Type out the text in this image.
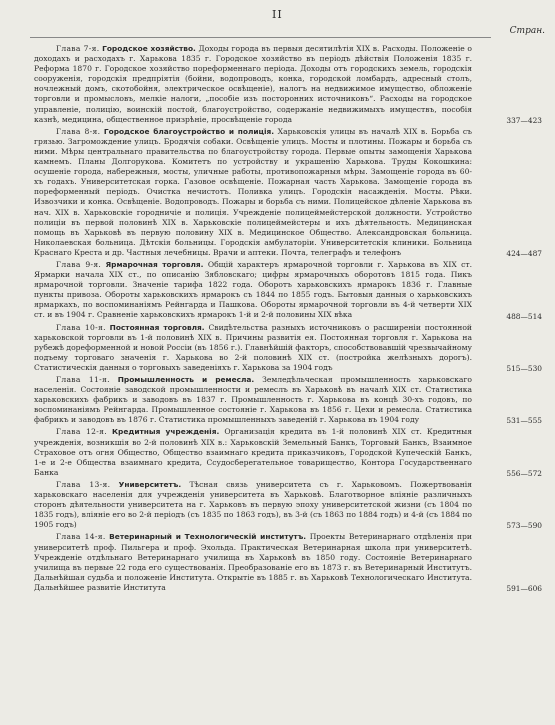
II
Стран.
Глава 7-я. Городское хозяйство. Доходы города въ первыя десятилѣтія XIX в. Расходы. Положеніе о доходахъ и расходахъ г. Харькова 1835 г. Городское хозяйство въ періодъ дѣйствія Положенія 1835 г. Реформа 1870 г. Городское хозяйство пореформеннаго періода. Доходы отъ городскихъ земель, городскія сооруженія, городскія предпріятія (бойни, водопроводъ, конка, городской ломбардъ, адресный столъ, ночлежный домъ, скотобойня, электрическое освѣщеніе), налогъ на недвижимое имущество, обложеніе торговли и промысловъ, мелкіе налоги, „пособіе изъ посторонних источниковъ“. Расходы на городское управленіе, полицію, воинскій постой, благоустройство, содержаніе недвижимыхъ имуществъ, пособія казнѣ, медицина, общественное призрѣніе, просвѣщеніе города	337—423
Глава 8-я. Городское благоустройство и полиція. Харьковскія улицы въ началѣ XIX в. Борьба съ грязью. Загромождение улицъ. Бродячія собаки. Освѣщеніе улицъ. Мосты и плотины. Пожары и борьба съ ними. Мѣры центральнаго правительства по благоустройству города. Первые опыты замощенія Харькова камнемъ. Планы Долгорукова. Комитетъ по устройству и украшенію Харькова. Труды Кокошкина: осушеніе города, набережныя, мосты, уличные работы, противопожарныя мѣры. Замощеніе города въ 60-хъ годахъ. Университетская горка. Газовое освѣщеніе. Пожарная часть Харькова. Замощеніе города въ пореформенный періодъ. Очистка нечистотъ. Поливка улицъ. Городскія насажденія. Мосты. Рѣки. Извозчики и конка. Освѣщеніе. Водопроводъ. Пожары и борьба съ ними. Полицейское дѣленіе Харькова въ нач. XIX в. Харьковскіе городничіе и полиція. Учрежденіе полицеймейстерской должности. Устройство полиціи въ первой половинѣ XIX в. Харьковскіе полицеймейстеры и ихъ дѣятельность. Медицинская помощь въ Харьковѣ въ первую половину XIX в. Медицинское Общество. Александровская больница. Николаевская больница. Дѣтскія больницы. Городскія амбулаторіи. Университетскія клиники. Больница Краснаго Креста и др. Частныя лечебницы. Врачи и аптеки. Почта, телеграфъ и телефонъ	424—487
Глава 9-я. Ярмарочная торговля. Общій характеръ ярмарочной торговли г. Харькова въ XIX ст. Ярмарки начала XIX ст., по описанію Зябловскаго; цифры ярмарочныхъ оборотовъ 1815 года. Пикъ ярмарочной торговли. Значеніе тарифа 1822 года. Оборотъ харьковскихъ ярмарокъ 1836 г. Главные пункты привоза. Обороты харьковскихъ ярмарокъ съ 1844 по 1855 годъ. Бытовыя данныя о харьковскихъ ярмаркахъ, по воспоминаніямъ Рейнгарда и Пашкова. Обороты ярмарочной торговли въ 4-й четверти XIX ст. и въ 1904 г. Сравненіе харьковскихъ ярмарокъ 1-й и 2-й половины XIX вѣка	488—514
Глава 10-я. Постоянная торговля. Свидѣтельства разныхъ источниковъ о расширеніи постоянной харьковской торговли въ 1-й половинѣ XIX в. Причины развитія ея. Постоянная торговля г. Харькова на рубежѣ дореформенной и новой Россіи (въ 1856 г.). Главнѣйшій факторъ, способствовавшій чрезвычайному подъему торговаго значенія г. Харькова во 2-й половинѣ XIX ст. (постройка желѣзныхъ дорогъ). Статистическія данныя о торговыхъ заведеніяхъ г. Харькова за 1904 годъ	515—530
Глава 11-я. Промышленность и ремесла. Земледѣльческая промышленность харьковскаго населенія. Состояніе заводской промышленности и ремеслъ въ Харьковѣ въ началѣ XIX ст. Статистика харьковскихъ фабрикъ и заводовъ въ 1837 г. Промышленность г. Харькова въ концѣ 30-хъ годовъ, по воспоминаніямъ Рейнгарда. Промышленное состояніе г. Харькова въ 1856 г. Цехи и ремесла. Статистика фабрикъ и заводовъ въ 1876 г. Статистика промышленныхъ заведеній г. Харькова въ 1904 году	531—555
Глава 12-я. Кредитныя учрежденія. Организація кредита въ 1-й половинѣ XIX ст. Кредитныя учрежденія, возникшія во 2-й половинѣ XIX в.: Харьковскій Земельный Банкъ, Торговый Банкъ, Взаимное Страховое отъ огня Общество, Общество взаимнаго кредита приказчиковъ, Городской Купеческій Банкъ, 1-е и 2-е Общества взаимнаго кредита, Ссудосберегательное товарищество, Контора Государственнаго Банка	556—572
Глава 13-я. Университетъ. Тѣсная связь университета съ г. Харьковомъ. Пожертвованія харьковскаго населенія для учрежденія университета въ Харьковѣ. Благотворное вліяніе различныхъ сторонъ дѣятельности университета на г. Харьковъ въ первую эпоху университетской жизни (съ 1804 по 1835 годъ), вліяніе его во 2-й періодъ (съ 1835 по 1863 годъ), въ 3-й (съ 1863 по 1884 годъ) и 4-й (съ 1884 по 1905 годъ)	573—590
Глава 14-я. Ветеринарный и Технологическій институтъ. Проекты Ветеринарнаго отдѣленія при университетѣ проф. Пильгера и проф. Эхольда. Практическая Ветеринарная школа при университетѣ. Учрежденіе отдѣльнаго Ветеринарнаго училища въ Харьковѣ въ 1850 году. Состояніе Ветеринарнаго училища въ первые 22 года его существованія. Преобразованіе его въ 1873 г. въ Ветеринарный Институтъ. Дальнѣйшая судьба и положеніе Института. Открытіе въ 1885 г. въ Харьковѣ Технологическаго Института. Дальнѣйшее развитіе Института	591—606
